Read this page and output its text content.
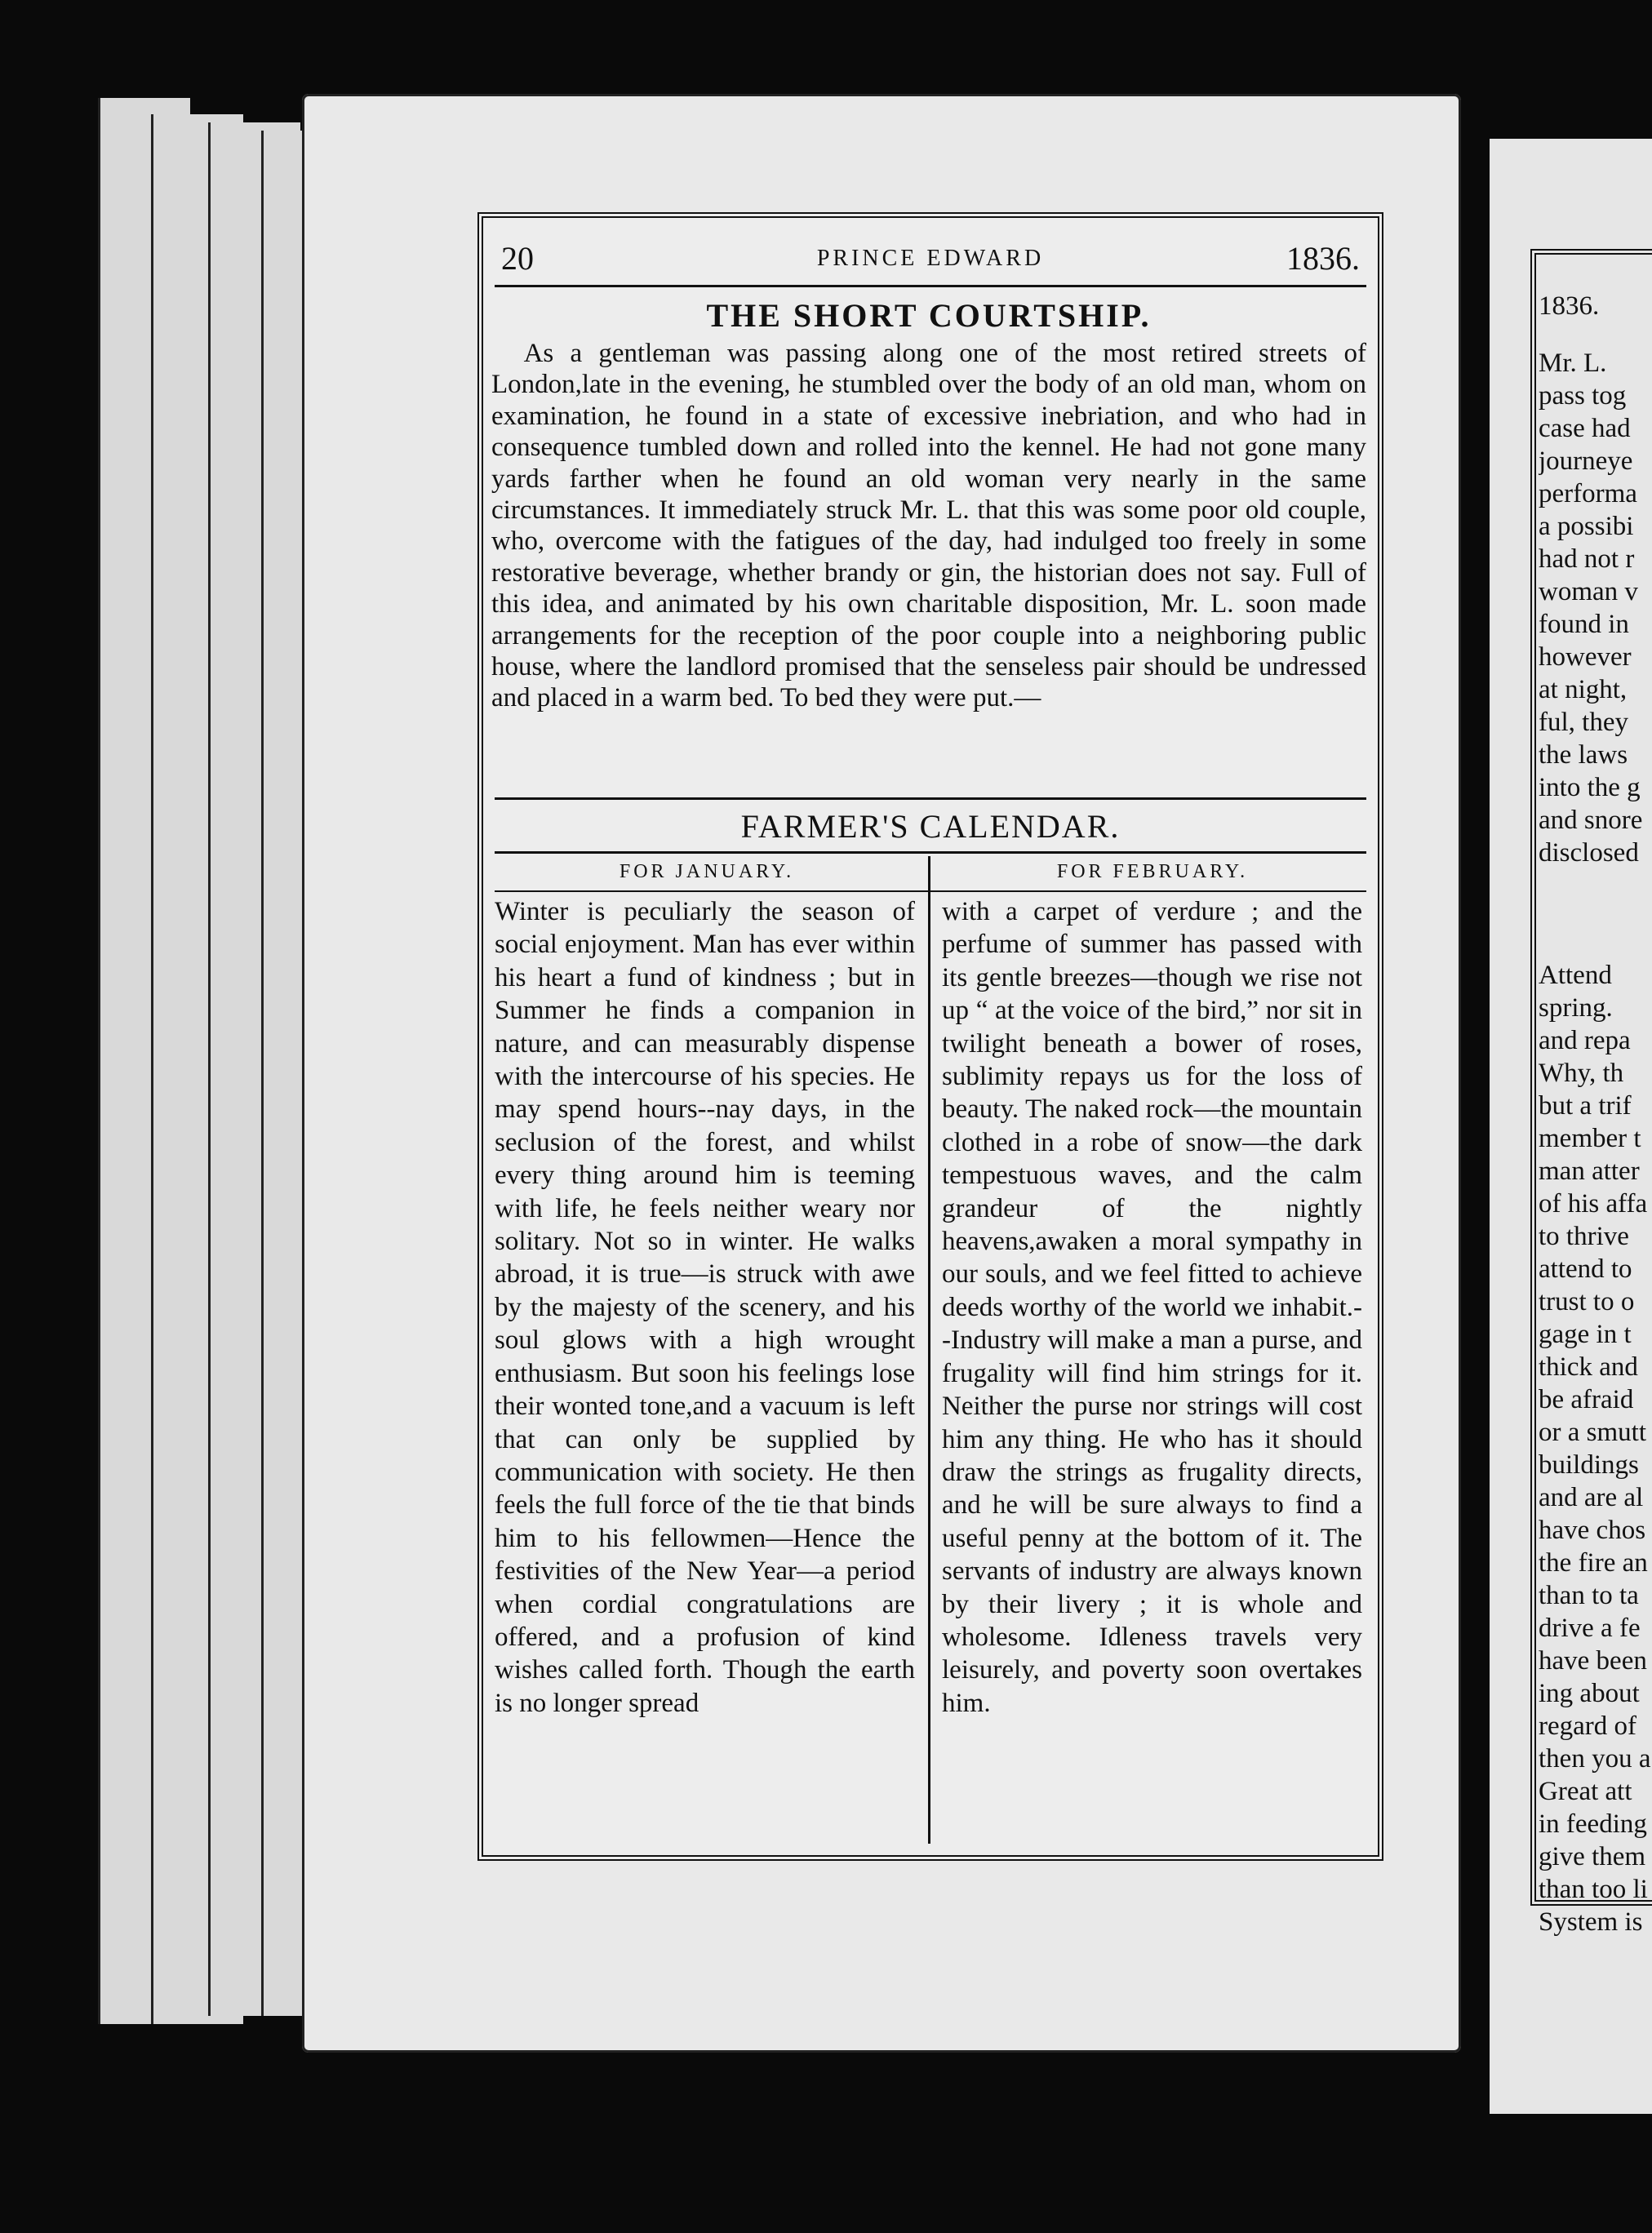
20	PRINCE EDWARD	1836.
THE SHORT COURTSHIP.

As a gentleman was passing along one of the most retired streets of London,late in the evening, he stumbled over the body of an old man, whom on examination, he found in a state of excessive inebriation, and who had in consequence tumbled down and rolled into the kennel. He had not gone many yards farther when he found an old woman very nearly in the same circumstances. It immediately struck Mr. L. that this was some poor old couple, who, overcome with the fatigues of the day, had indulged too freely in some restorative beverage, whether brandy or gin, the historian does not say. Full of this idea, and animated by his own charitable disposition, Mr. L. soon made arrangements for the reception of the poor couple into a neighboring public house, where the landlord promised that the senseless pair should be undressed and placed in a warm bed. To bed they were put.—

FARMER'S CALENDAR.
FOR JANUARY.	FOR FEBRUARY.

Winter is peculiarly the season of social enjoyment. Man has ever within his heart a fund of kindness ; but in Summer he finds a companion in nature, and can measurably dispense with the intercourse of his species. He may spend hours--nay days, in the seclusion of the forest, and whilst every thing around him is teeming with life, he feels neither weary nor solitary. Not so in winter. He walks abroad, it is true—is struck with awe by the majesty of the scenery, and his soul glows with a high wrought enthusiasm. But soon his feelings lose their wonted tone,and a vacuum is left that can only be supplied by communication with society. He then feels the full force of the tie that binds him to his fellowmen—Hence the festivities of the New Year—a period when cordial congratulations are offered, and a profusion of kind wishes called forth. Though the earth is no longer spread

with a carpet of verdure ; and the perfume of summer has passed with its gentle breezes—though we rise not up “ at the voice of the bird,” nor sit in twilight beneath a bower of roses, sublimity repays us for the loss of beauty. The naked rock—the mountain clothed in a robe of snow—the dark tempestuous waves, and the calm grandeur of the nightly heavens,awaken a moral sympathy in our souls, and we feel fitted to achieve deeds worthy of the world we inhabit.--Industry will make a man a purse, and frugality will find him strings for it. Neither the purse nor strings will cost him any thing. He who has it should draw the strings as frugality directs, and he will be sure always to find a useful penny at the bottom of it. The servants of industry are always known by their livery ; it is whole and wholesome. Idleness travels very leisurely, and poverty soon overtakes him.

1836.
Mr. L.
pass tog
case had
journeye
performa
a possibi
had not r
woman v
found in
however
at night,
ful, they
the laws
into the g
and snore
disclosed
Attend
spring.
and repa
Why, th
but a trif
member t
man atter
of his affa
to thrive
attend to
trust to o
gage in t
thick and
be afraid
or a smutt
buildings
and are al
have chos
the fire an
than to ta
drive a fe
have been
ing about
regard of
then you a
Great att
in feeding
give them
than too li
System is
